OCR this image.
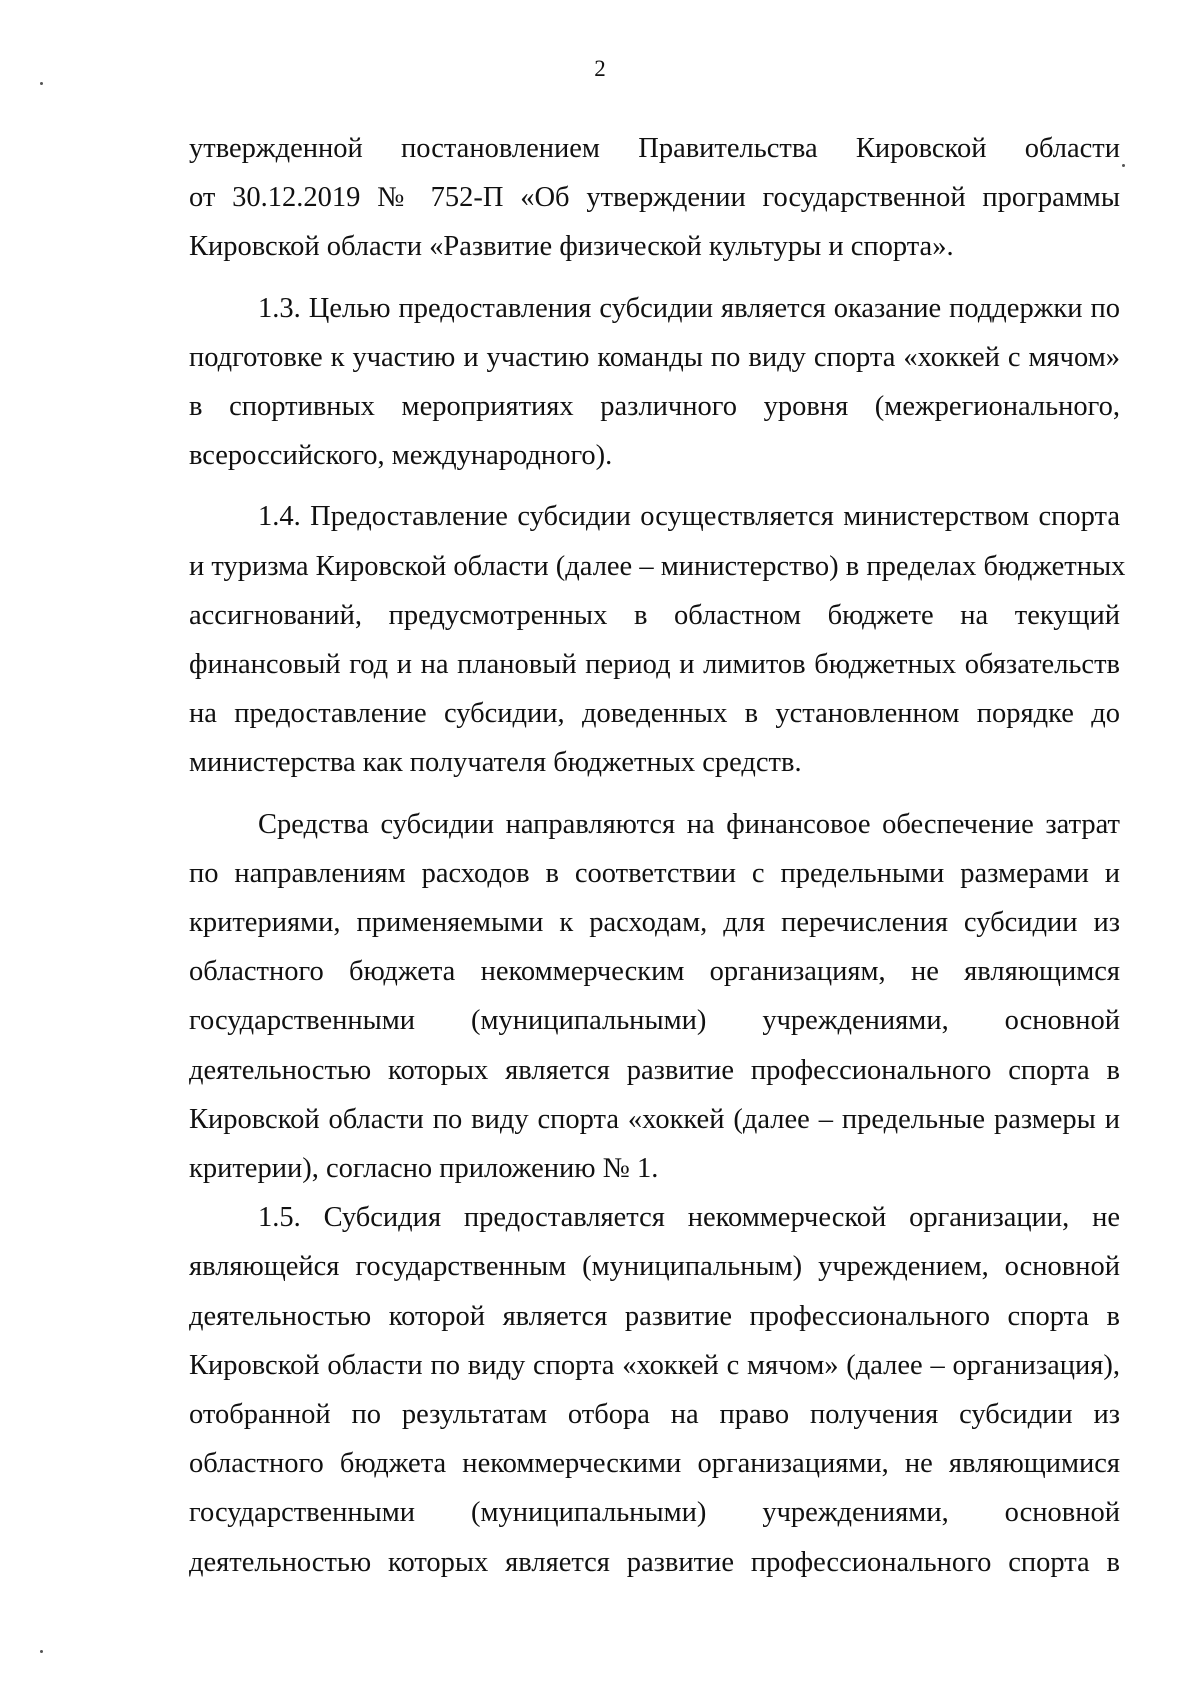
2
утвержденной постановлением Правительства Кировской области
от 30.12.2019 № 752-П «Об утверждении государственной программы
Кировской области «Развитие физической культуры и спорта».
1.3. Целью предоставления субсидии является оказание поддержки по
подготовке к участию и участию команды по виду спорта «хоккей с мячом»
в спортивных мероприятиях различного уровня (межрегионального,
всероссийского, международного).
1.4. Предоставление субсидии осуществляется министерством спорта
и туризма Кировской области (далее – министерство) в пределах бюджетных
ассигнований, предусмотренных в областном бюджете на текущий
финансовый год и на плановый период и лимитов бюджетных обязательств
на предоставление субсидии, доведенных в установленном порядке до
министерства как получателя бюджетных средств.
Средства субсидии направляются на финансовое обеспечение затрат
по направлениям расходов в соответствии с предельными размерами и
критериями, применяемыми к расходам, для перечисления субсидии из
областного бюджета некоммерческим организациям, не являющимся
государственными (муниципальными) учреждениями, основной
деятельностью которых является развитие профессионального спорта в
Кировской области по виду спорта «хоккей (далее – предельные размеры и
критерии), согласно приложению № 1.
1.5. Субсидия предоставляется некоммерческой организации, не
являющейся государственным (муниципальным) учреждением, основной
деятельностью которой является развитие профессионального спорта в
Кировской области по виду спорта «хоккей с мячом» (далее – организация),
отобранной по результатам отбора на право получения субсидии из
областного бюджета некоммерческими организациями, не являющимися
государственными (муниципальными) учреждениями, основной
деятельностью которых является развитие профессионального спорта в
